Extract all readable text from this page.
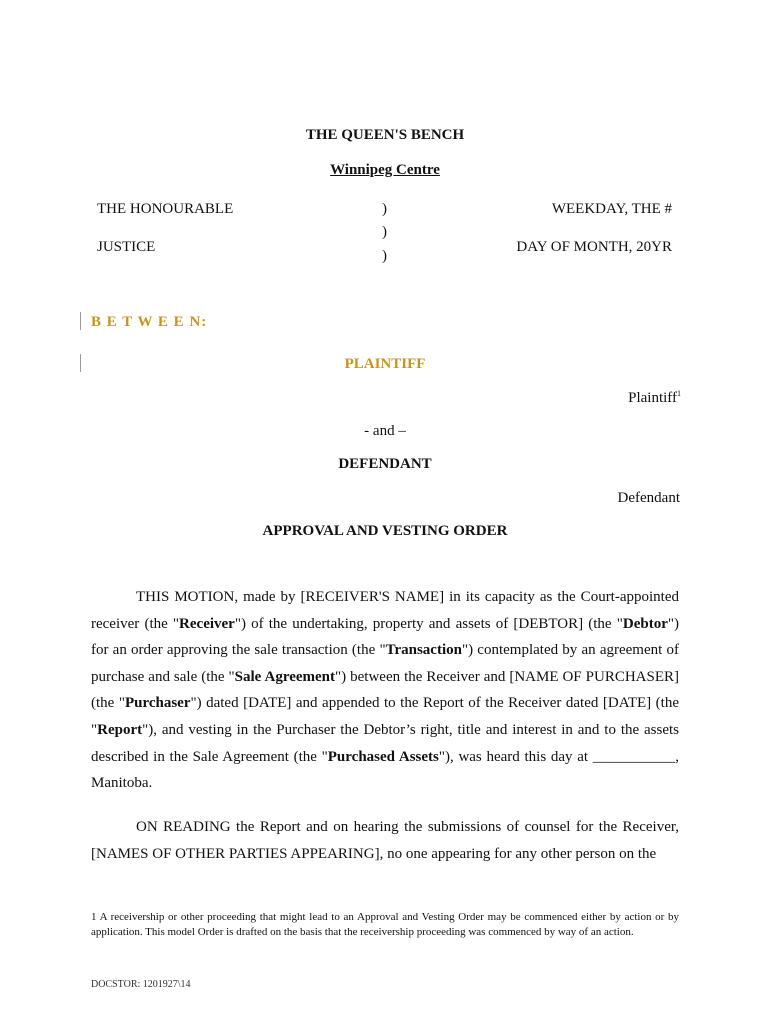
THE QUEEN'S BENCH
Winnipeg Centre
THE HONOURABLE
JUSTICE
)
)
)
WEEKDAY, THE #
DAY OF MONTH, 20YR
B E T W E E N:
PLAINTIFF
Plaintiff$^1$
- and –
DEFENDANT
Defendant
APPROVAL AND VESTING ORDER
THIS MOTION, made by [RECEIVER'S NAME] in its capacity as the Court-appointed receiver (the "Receiver") of the undertaking, property and assets of [DEBTOR] (the "Debtor") for an order approving the sale transaction (the "Transaction") contemplated by an agreement of purchase and sale (the "Sale Agreement") between the Receiver and [NAME OF PURCHASER] (the "Purchaser") dated [DATE] and appended to the Report of the Receiver dated [DATE] (the "Report"), and vesting in the Purchaser the Debtor’s right, title and interest in and to the assets described in the Sale Agreement (the "Purchased Assets"), was heard this day at ___________, Manitoba.
ON READING the Report and on hearing the submissions of counsel for the Receiver, [NAMES OF OTHER PARTIES APPEARING], no one appearing for any other person on the
1 A receivership or other proceeding that might lead to an Approval and Vesting Order may be commenced either by action or by application. This model Order is drafted on the basis that the receivership proceeding was commenced by way of an action.
DOCSTOR: 1201927\14
